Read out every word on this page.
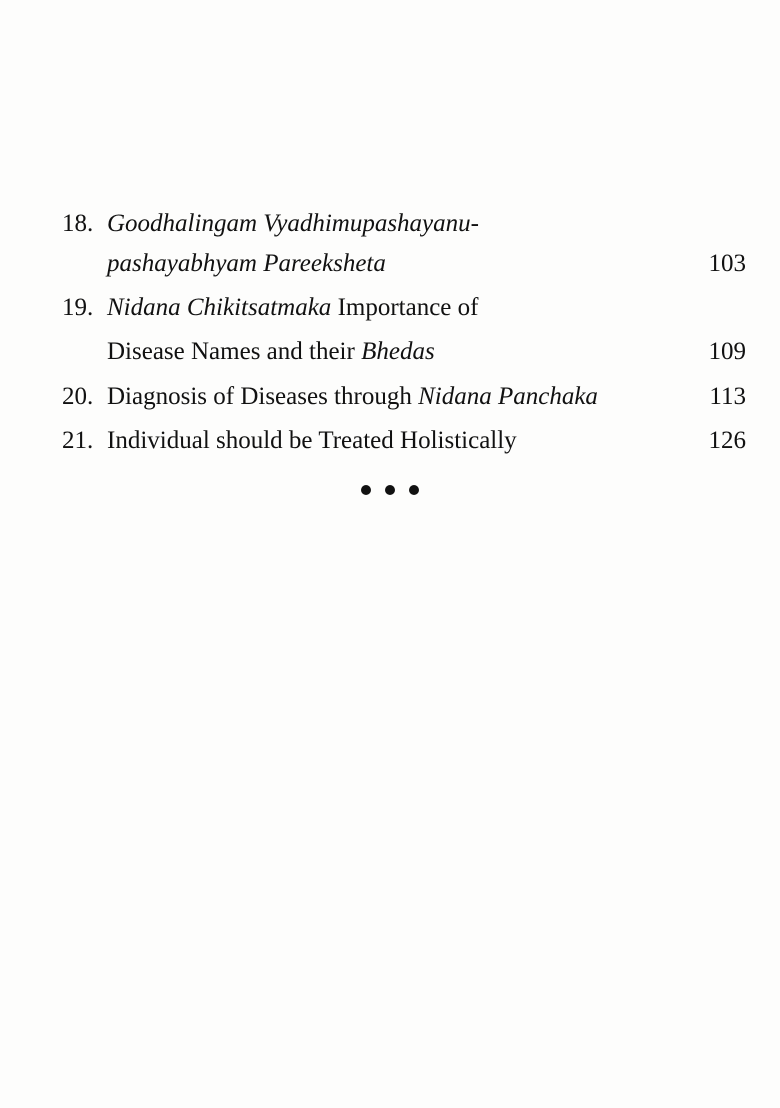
18. Goodhalingam Vyadhimupashayanu-
pashayabhyam Pareeksheta	103
19. Nidana Chikitsatmaka Importance of
Disease Names and their Bhedas	109
20. Diagnosis of Diseases through Nidana Panchaka	113
21. Individual should be Treated Holistically	126
